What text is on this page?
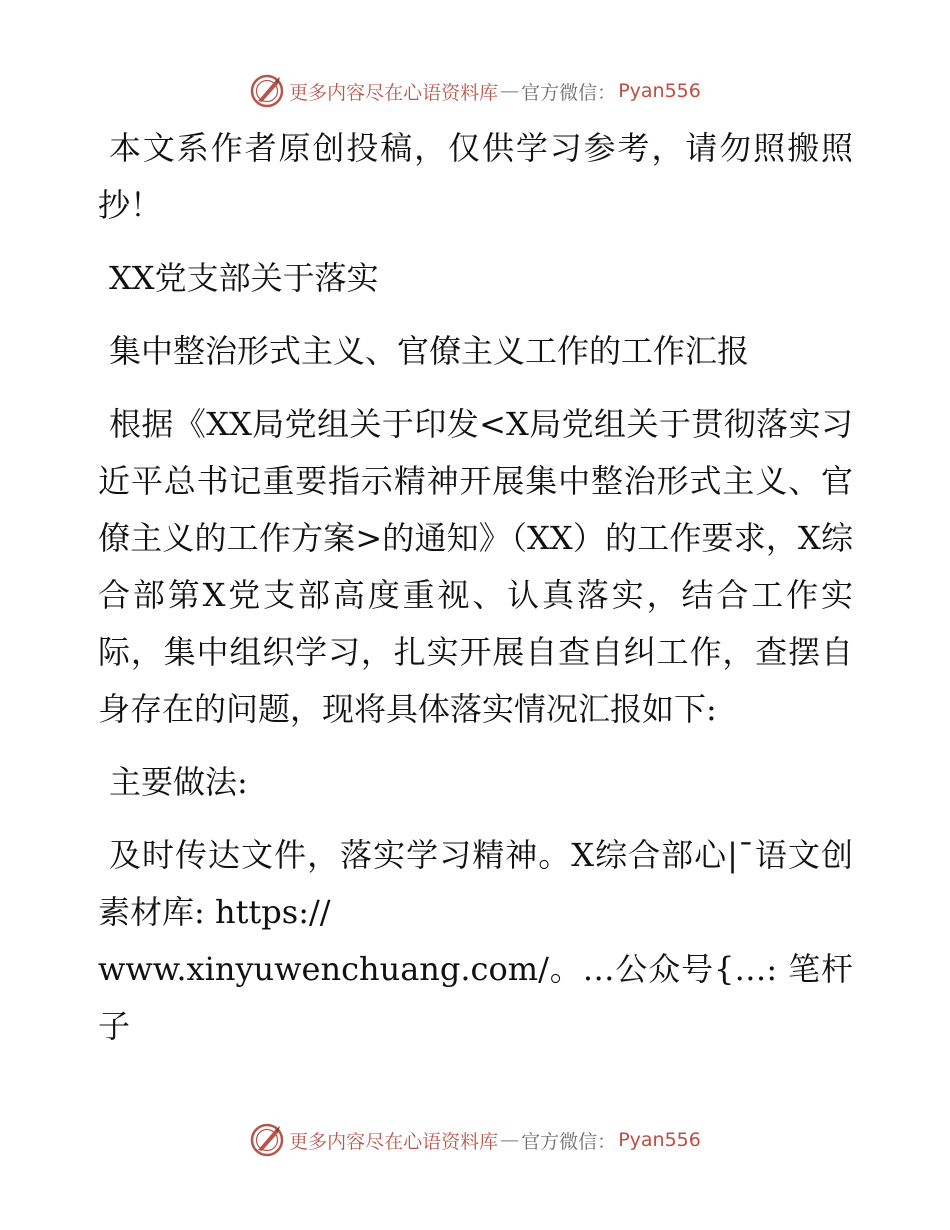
更多内容尽在心语资料库 — 官方微信： Pyan556

本文系作者原创投稿，仅供学习参考，请勿照搬照抄！

XX党支部关于落实

集中整治形式主义、官僚主义工作的工作汇报

根据《XX局党组关于印发<X局党组关于贯彻落实习近平总书记重要指示精神开展集中整治形式主义、官僚主义的工作方案>的通知》（XX）的工作要求，X综合部第X党支部高度重视、认真落实，结合工作实际，集中组织学习，扎实开展自查自纠工作，查摆自身存在的问题，现将具体落实情况汇报如下:

主要做法:

及时传达文件，落实学习精神。X综合部心|¯语文创素材库: https://

www.xinyuwenchuang.com/。…公众号{…: 笔杆子

更多内容尽在心语资料库 — 官方微信： Pyan556
